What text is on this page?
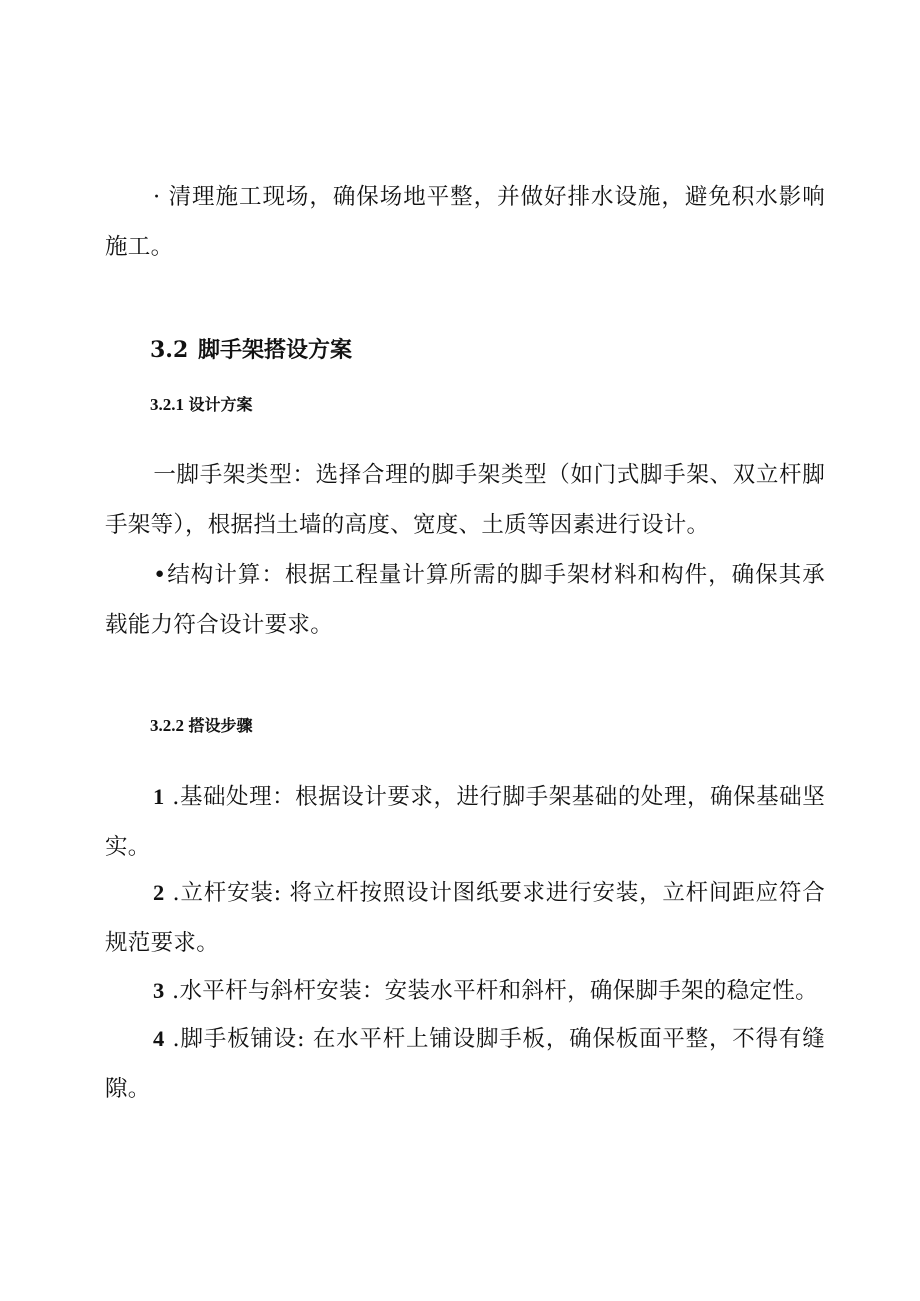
· 清理施工现场，确保场地平整，并做好排水设施，避免积水影响施工。

3.2 脚手架搭设方案
3.2.1 设计方案

一脚手架类型：选择合理的脚手架类型（如门式脚手架、双立杆脚手架等），根据挡土墙的高度、宽度、土质等因素进行设计。

•结构计算：根据工程量计算所需的脚手架材料和构件，确保其承载能力符合设计要求。

3.2.2 搭设步骤

1 .基础处理：根据设计要求，进行脚手架基础的处理，确保基础坚实。

2 .立杆安装: 将立杆按照设计图纸要求进行安装，立杆间距应符合规范要求。

3 .水平杆与斜杆安装：安装水平杆和斜杆，确保脚手架的稳定性。

4 .脚手板铺设: 在水平杆上铺设脚手板，确保板面平整，不得有缝隙。
